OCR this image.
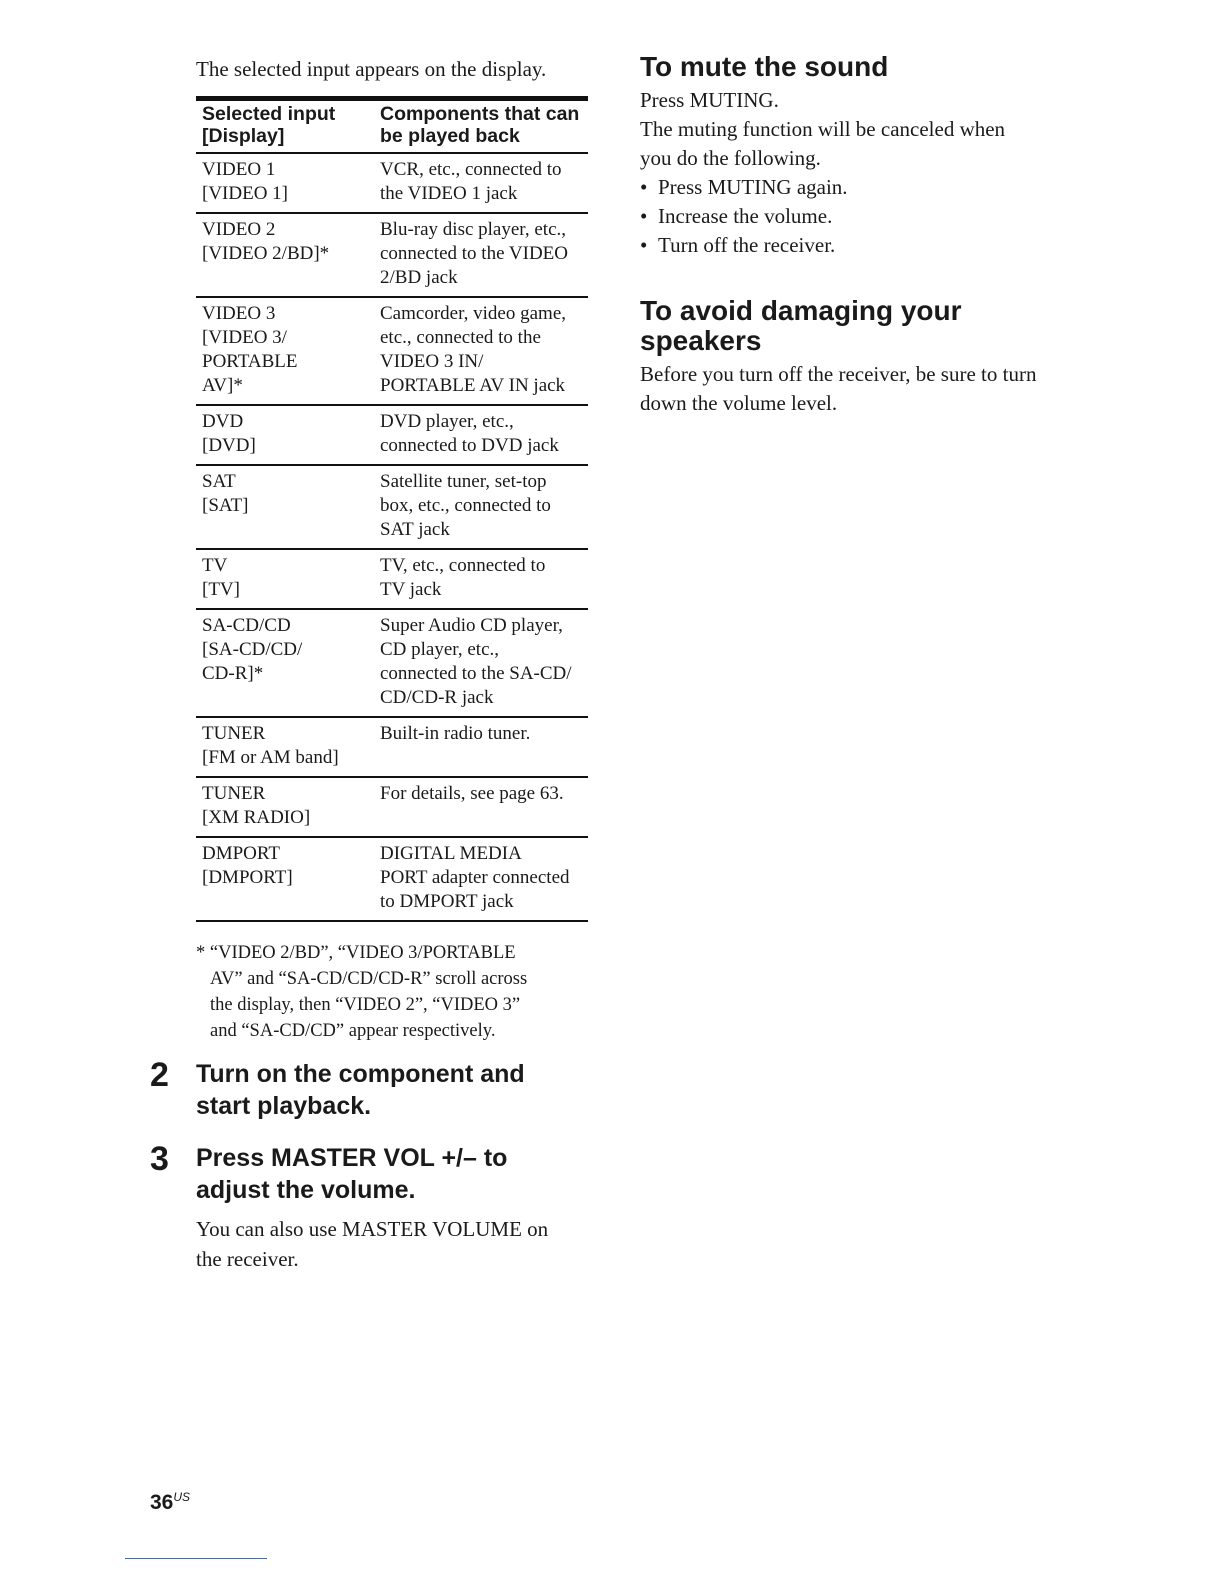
The selected input appears on the display.

Selected input
[Display]	Components that can
be played back

VIDEO 1
[VIDEO 1]	VCR, etc., connected to
the VIDEO 1 jack

VIDEO 2
[VIDEO 2/BD]*	Blu-ray disc player, etc.,
connected to the VIDEO
2/BD jack

VIDEO 3
[VIDEO 3/
PORTABLE
AV]*	Camcorder, video game,
etc., connected to the
VIDEO 3 IN/
PORTABLE AV IN jack

DVD
[DVD]	DVD player, etc.,
connected to DVD jack

SAT
[SAT]	Satellite tuner, set-top
box, etc., connected to
SAT jack

TV
[TV]	TV, etc., connected to
TV jack

SA-CD/CD
[SA-CD/CD/
CD-R]*	Super Audio CD player,
CD player, etc.,
connected to the SA-CD/
CD/CD-R jack

TUNER
[FM or AM band]	Built-in radio tuner.

TUNER
[XM RADIO]	For details, see page 63.

DMPORT
[DMPORT]	DIGITAL MEDIA
PORT adapter connected
to DMPORT jack
* “VIDEO 2/BD”, “VIDEO 3/PORTABLE
AV” and “SA-CD/CD/CD-R” scroll across
the display, then “VIDEO 2”, “VIDEO 3”
and “SA-CD/CD” appear respectively.
2	Turn on the component and
start playback.
3	Press MASTER VOL +/– to
adjust the volume.
You can also use MASTER VOLUME on
the receiver.
To mute the sound
Press MUTING.
The muting function will be canceled when
you do the following.
• Press MUTING again.
• Increase the volume.
• Turn off the receiver.
To avoid damaging your
speakers
Before you turn off the receiver, be sure to turn
down the volume level.
$36^{US}$
